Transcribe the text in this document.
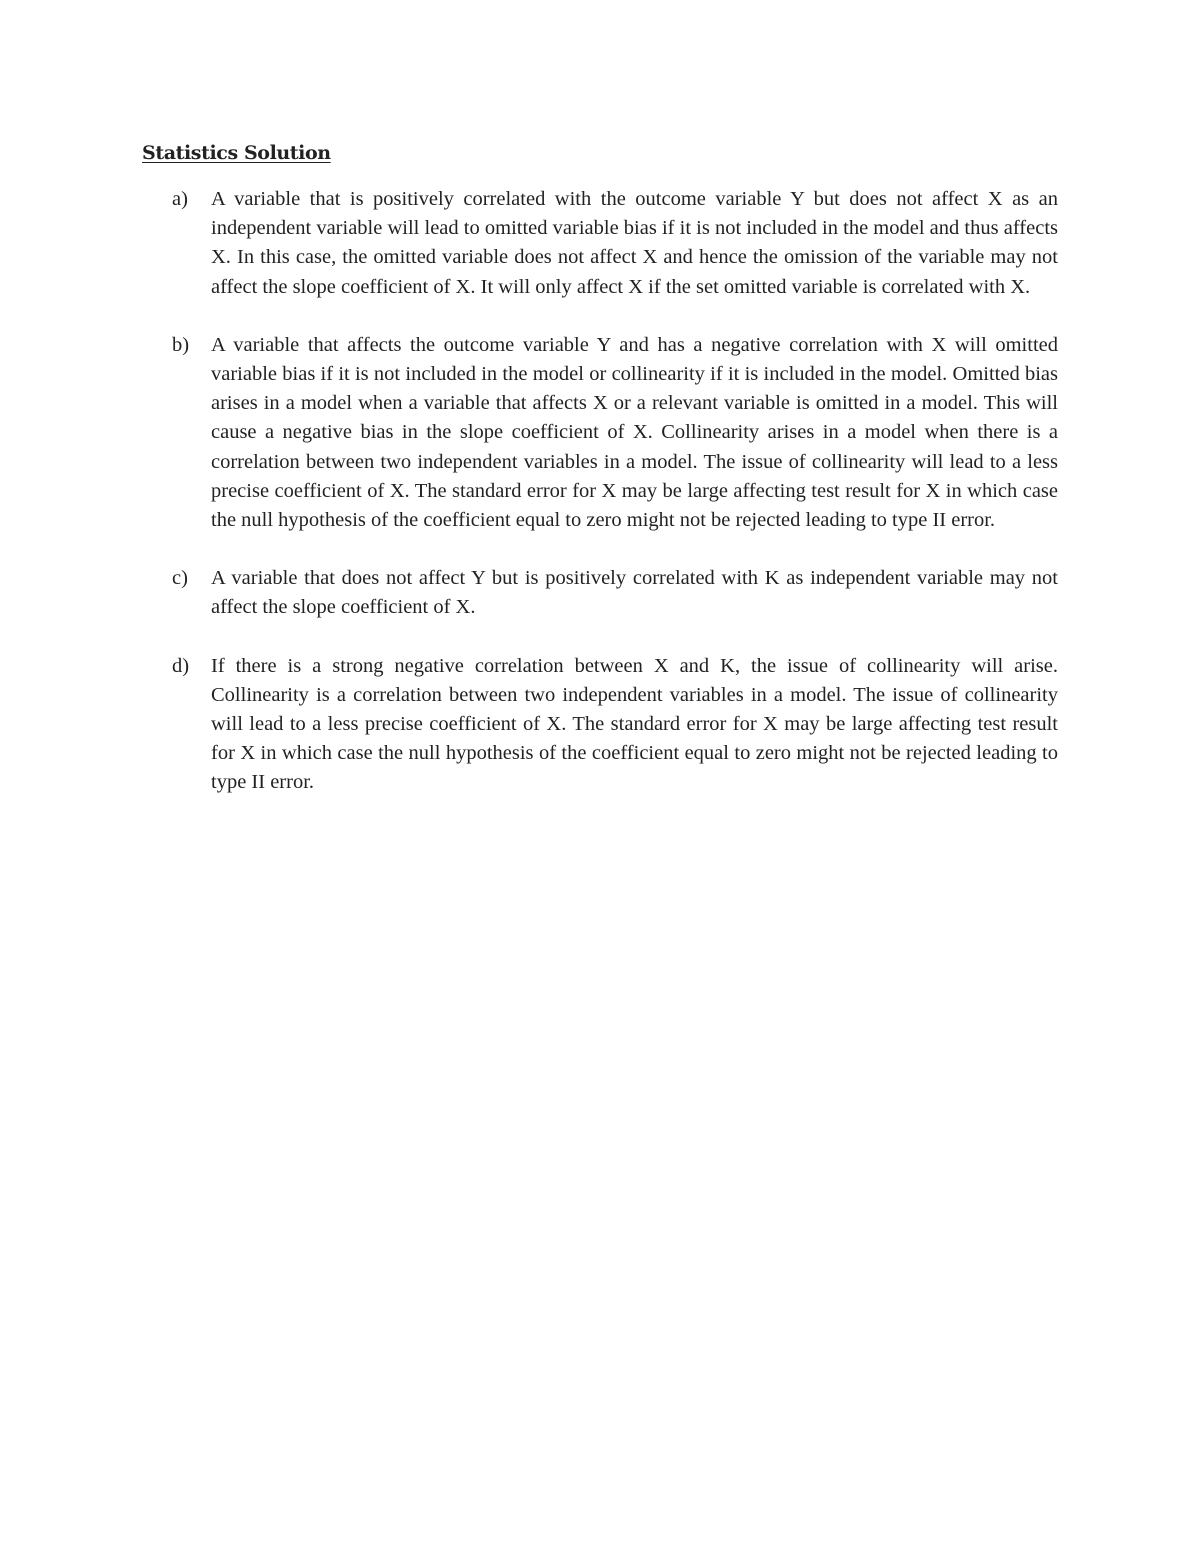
Statistics Solution
a)	A variable that is positively correlated with the outcome variable Y but does not affect X as an independent variable will lead to omitted variable bias if it is not included in the model and thus affects X. In this case, the omitted variable does not affect X and hence the omission of the variable may not affect the slope coefficient of X. It will only affect X if the set omitted variable is correlated with X.

b)	A variable that affects the outcome variable Y and has a negative correlation with X will omitted variable bias if it is not included in the model or collinearity if it is included in the model. Omitted bias arises in a model when a variable that affects X or a relevant variable is omitted in a model. This will cause a negative bias in the slope coefficient of X. Collinearity arises in a model when there is a correlation between two independent variables in a model. The issue of collinearity will lead to a less precise coefficient of X. The standard error for X may be large affecting test result for X in which case the null hypothesis of the coefficient equal to zero might not be rejected leading to type II error.

c)	A variable that does not affect Y but is positively correlated with K as independent variable may not affect the slope coefficient of X.

d)	If there is a strong negative correlation between X and K, the issue of collinearity will arise. Collinearity is a correlation between two independent variables in a model. The issue of collinearity will lead to a less precise coefficient of X. The standard error for X may be large affecting test result for X in which case the null hypothesis of the coefficient equal to zero might not be rejected leading to type II error.
